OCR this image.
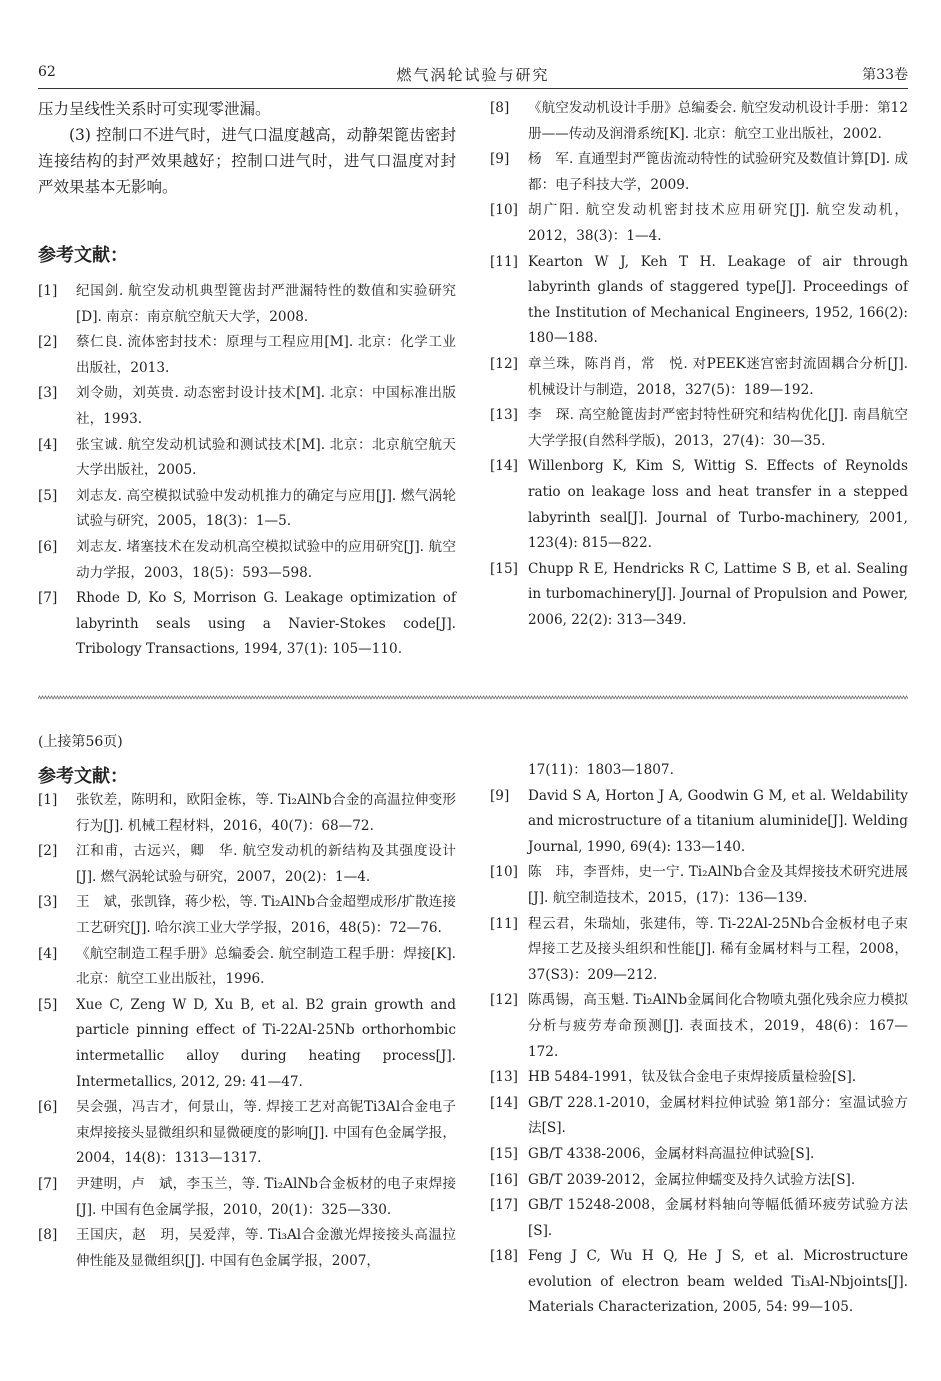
燃气涡轮试验与研究
62	第33卷

压力呈线性关系时可实现零泄漏。

(3) 控制口不进气时，进气口温度越高，动静架篦齿密封连接结构的封严效果越好；控制口进气时，进气口温度对封严效果基本无影响。

参考文献：

[1]	纪国剑. 航空发动机典型篦齿封严泄漏特性的数值和实验研究[D]. 南京：南京航空航天大学，2008.
[2]	蔡仁良. 流体密封技术：原理与工程应用[M]. 北京：化学工业出版社，2013.
[3]	刘令勋，刘英贵. 动态密封设计技术[M]. 北京：中国标准出版社，1993.
[4]	张宝诚. 航空发动机试验和测试技术[M]. 北京：北京航空航天大学出版社，2005.
[5]	刘志友. 高空模拟试验中发动机推力的确定与应用[J]. 燃气涡轮试验与研究，2005，18(3)：1—5.
[6]	刘志友. 堵塞技术在发动机高空模拟试验中的应用研究[J]. 航空动力学报，2003，18(5)：593—598.
[7]	Rhode D, Ko S, Morrison G. Leakage optimization of labyrinth seals using a Navier-Stokes code[J]. Tribology Transactions, 1994, 37(1): 105—110.
[8]	《航空发动机设计手册》总编委会. 航空发动机设计手册：第12册——传动及润滑系统[K]. 北京：航空工业出版社，2002.
[9]	杨　军. 直通型封严篦齿流动特性的试验研究及数值计算[D]. 成都：电子科技大学，2009.
[10] 胡广阳. 航空发动机密封技术应用研究[J]. 航空发动机，2012，38(3)：1—4.
[11] Kearton W J, Keh T H. Leakage of air through labyrinth glands of staggered type[J]. Proceedings of the Institution of Mechanical Engineers, 1952, 166(2): 180—188.
[12] 章兰珠，陈肖肖，常　悦. 对PEEK迷宫密封流固耦合分析[J]. 机械设计与制造，2018，327(5)：189—192.
[13] 李　琛. 高空舱篦齿封严密封特性研究和结构优化[J]. 南昌航空大学学报(自然科学版)，2013，27(4)：30—35.
[14] Willenborg K, Kim S, Wittig S. Effects of Reynolds ratio on leakage loss and heat transfer in a stepped labyrinth seal[J]. Journal of Turbo-machinery, 2001, 123(4): 815—822.
[15] Chupp R E, Hendricks R C, Lattime S B, et al. Sealing in turbomachinery[J]. Journal of Propulsion and Power, 2006, 22(2): 313—349.
(上接第56页)

参考文献：

[1]	张钦差，陈明和，欧阳金栋，等. Ti₂AlNb合金的高温拉伸变形行为[J]. 机械工程材料，2016，40(7)：68—72.
[2]	江和甫，古远兴，卿　华. 航空发动机的新结构及其强度设计[J]. 燃气涡轮试验与研究，2007，20(2)：1—4.
[3]	王　斌，张凯锋，蒋少松，等. Ti₂AlNb合金超塑成形/扩散连接工艺研究[J]. 哈尔滨工业大学学报，2016，48(5)：72—76.
[4]	《航空制造工程手册》总编委会. 航空制造工程手册：焊接[K]. 北京：航空工业出版社，1996.
[5]	Xue C, Zeng W D, Xu B, et al. B2 grain growth and particle pinning effect of Ti-22Al-25Nb orthorhombic intermetallic alloy during heating process[J]. Intermetallics, 2012, 29: 41—47.
[6]	吴会强，冯吉才，何景山，等. 焊接工艺对高铌Ti3Al合金电子束焊接接头显微组织和显微硬度的影响[J]. 中国有色金属学报，2004，14(8)：1313—1317.
[7]	尹建明，卢　斌，李玉兰，等. Ti₂AlNb合金板材的电子束焊接[J]. 中国有色金属学报，2010，20(1)：325—330.
[8]	王国庆，赵　玥，吴爱萍，等. Ti₃Al合金激光焊接接头高温拉伸性能及显微组织[J]. 中国有色金属学报，2007，

17(11)：1803—1807.

[9]	David S A, Horton J A, Goodwin G M, et al. Weldability and microstructure of a titanium aluminide[J]. Welding Journal, 1990, 69(4): 133—140.
[10] 陈　玮，李晋炜，史一宁. Ti₂AlNb合金及其焊接技术研究进展[J]. 航空制造技术，2015，(17)：136—139.
[11] 程云君，朱瑞灿，张建伟，等. Ti-22Al-25Nb合金板材电子束焊接工艺及接头组织和性能[J]. 稀有金属材料与工程，2008，37(S3)：209—212.
[12] 陈禹锡，高玉魁. Ti₂AlNb金属间化合物喷丸强化残余应力模拟分析与疲劳寿命预测[J]. 表面技术，2019，48(6)：167—172.
[13] HB 5484-1991，钛及钛合金电子束焊接质量检验[S].
[14] GB/T 228.1-2010，金属材料拉伸试验 第1部分：室温试验方法[S].
[15] GB/T 4338-2006，金属材料高温拉伸试验[S].
[16] GB/T 2039-2012，金属拉伸蠕变及持久试验方法[S].
[17] GB/T 15248-2008，金属材料轴向等幅低循环疲劳试验方法[S].
[18] Feng J C, Wu H Q, He J S, et al. Microstructure evolution of electron beam welded Ti₃Al-Nbjoints[J]. Materials Characterization, 2005, 54: 99—105.
